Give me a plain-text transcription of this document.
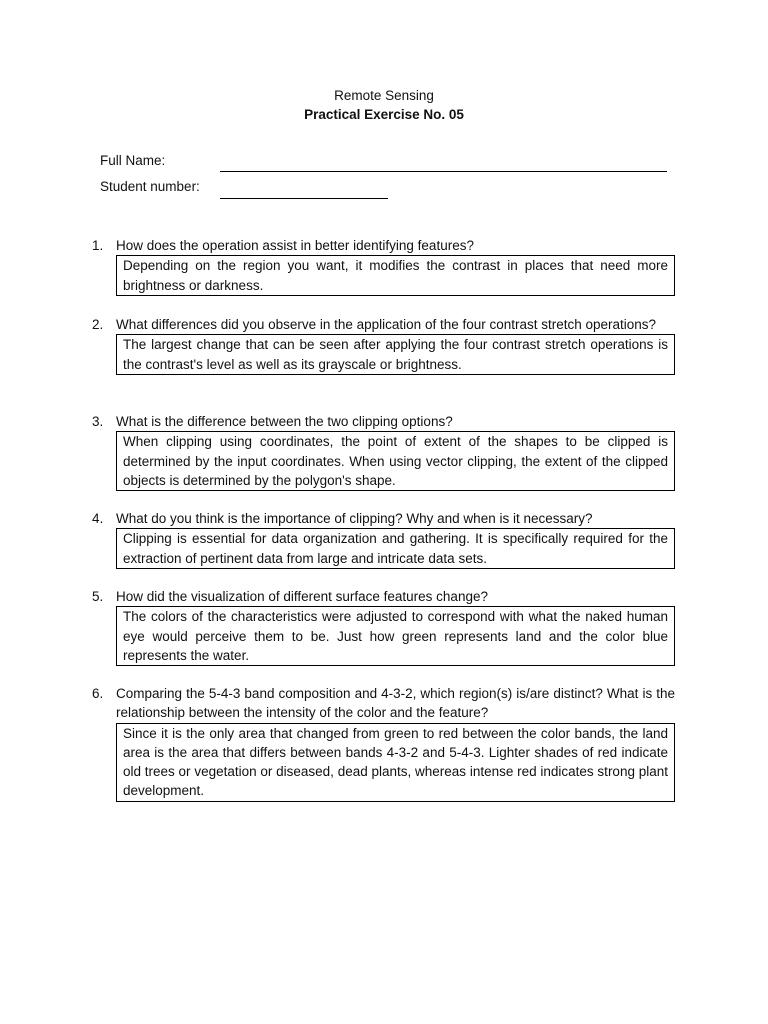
Remote Sensing
Practical Exercise No. 05
Full Name:
Student number:
1. How does the operation assist in better identifying features?
Depending on the region you want, it modifies the contrast in places that need more brightness or darkness.
2. What differences did you observe in the application of the four contrast stretch operations?
The largest change that can be seen after applying the four contrast stretch operations is the contrast's level as well as its grayscale or brightness.
3. What is the difference between the two clipping options?
When clipping using coordinates, the point of extent of the shapes to be clipped is determined by the input coordinates. When using vector clipping, the extent of the clipped objects is determined by the polygon's shape.
4. What do you think is the importance of clipping? Why and when is it necessary?
Clipping is essential for data organization and gathering. It is specifically required for the extraction of pertinent data from large and intricate data sets.
5. How did the visualization of different surface features change?
The colors of the characteristics were adjusted to correspond with what the naked human eye would perceive them to be. Just how green represents land and the color blue represents the water.
6. Comparing the 5-4-3 band composition and 4-3-2, which region(s) is/are distinct? What is the relationship between the intensity of the color and the feature?
Since it is the only area that changed from green to red between the color bands, the land area is the area that differs between bands 4-3-2 and 5-4-3. Lighter shades of red indicate old trees or vegetation or diseased, dead plants, whereas intense red indicates strong plant development.
